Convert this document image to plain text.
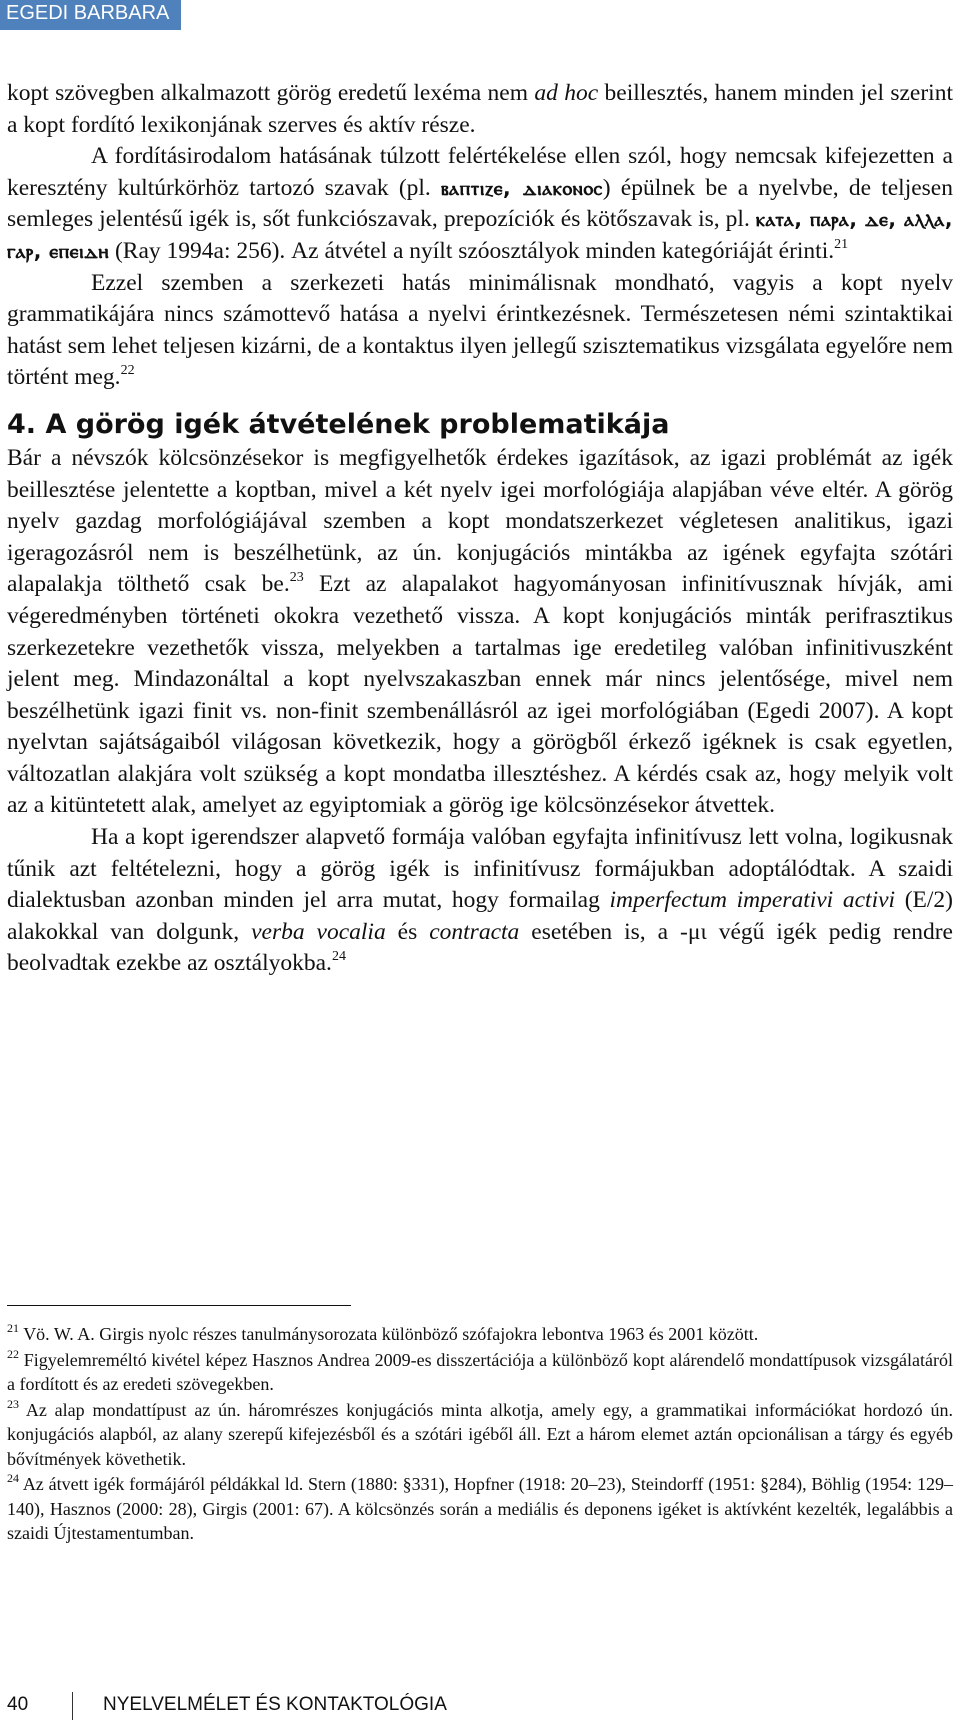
EGEDI BARBARA

kopt szövegben alkalmazott görög eredetű lexéma nem ad hoc beillesztés, hanem minden jel szerint a kopt fordító lexikonjának szerves és aktív része.

A fordításirodalom hatásának túlzott felértékelése ellen szól, hogy nemcsak kifejezetten a keresztény kultúrkörhöz tartozó szavak (pl. ⲃⲁⲡⲧⲓⲍⲉ, ⲇⲓⲁⲕⲟⲛⲟⲥ) épülnek be a nyelvbe, de teljesen semleges jelentésű igék is, sőt funkciószavak, prepozíciók és kötőszavak is, pl. ⲕⲁⲧⲁ, ⲡⲁⲣⲁ, ⲇⲉ, ⲁⲗⲗⲁ, ⲅⲁⲣ, ⲉⲡⲉⲓⲇⲏ (Ray 1994a: 256). Az átvétel a nyílt szóosztályok minden kategóriáját érinti.$^{21}$

Ezzel szemben a szerkezeti hatás minimálisnak mondható, vagyis a kopt nyelv grammatikájára nincs számottevő hatása a nyelvi érintkezésnek. Természetesen némi szintaktikai hatást sem lehet teljesen kizárni, de a kontaktus ilyen jellegű szisztematikus vizsgálata egyelőre nem történt meg.$^{22}$

4. A görög igék átvételének problematikája

Bár a névszók kölcsönzésekor is megfigyelhetők érdekes igazítások, az igazi problémát az igék beillesztése jelentette a koptban, mivel a két nyelv igei morfológiája alapjában véve eltér. A görög nyelv gazdag morfológiájával szemben a kopt mondatszerkezet végletesen analitikus, igazi igeragozásról nem is beszélhetünk, az ún. konjugációs mintákba az igének egyfajta szótári alapalakja tölthető csak be.$^{23}$ Ezt az alapalakot hagyományosan infinitívusznak hívják, ami végeredményben történeti okokra vezethető vissza. A kopt konjugációs minták perifrasztikus szerkezetekre vezethetők vissza, melyekben a tartalmas ige eredetileg valóban infinitivuszként jelent meg. Mindazonáltal a kopt nyelvszakaszban ennek már nincs jelentősége, mivel nem beszélhetünk igazi finit vs. non-finit szembenállásról az igei morfológiában (Egedi 2007). A kopt nyelvtan sajátságaiból világosan következik, hogy a görögből érkező igéknek is csak egyetlen, változatlan alakjára volt szükség a kopt mondatba illesztéshez. A kérdés csak az, hogy melyik volt az a kitüntetett alak, amelyet az egyiptomiak a görög ige kölcsönzésekor átvettek.

Ha a kopt igerendszer alapvető formája valóban egyfajta infinitívusz lett volna, logikusnak tűnik azt feltételezni, hogy a görög igék is infinitívusz formájukban adoptálódtak. A szaidi dialektusban azonban minden jel arra mutat, hogy formailag imperfectum imperativi activi (E/2) alakokkal van dolgunk, verba vocalia és contracta esetében is, a -μι végű igék pedig rendre beolvadtak ezekbe az osztályokba.$^{24}$

$^{21}$ Vö. W. A. Girgis nyolc részes tanulmánysorozata különböző szófajokra lebontva 1963 és 2001 között.

$^{22}$ Figyelemreméltó kivétel képez Hasznos Andrea 2009-es disszertációja a különböző kopt alárendelő mondattípusok vizsgálatáról a fordított és az eredeti szövegekben.

$^{23}$ Az alap mondattípust az ún. háromrészes konjugációs minta alkotja, amely egy, a grammatikai információkat hordozó ún. konjugációs alapból, az alany szerepű kifejezésből és a szótári igéből áll. Ezt a három elemet aztán opcionálisan a tárgy és egyéb bővítmények követhetik.

$^{24}$ Az átvett igék formájáról példákkal ld. Stern (1880: §331), Hopfner (1918: 20–23), Steindorff (1951: §284), Böhlig (1954: 129–140), Hasznos (2000: 28), Girgis (2001: 67). A kölcsönzés során a mediális és deponens igéket is aktívként kezelték, legalábbis a szaidi Újtestamentumban.

40	NYELVELMÉLET ÉS KONTAKTOLÓGIA
